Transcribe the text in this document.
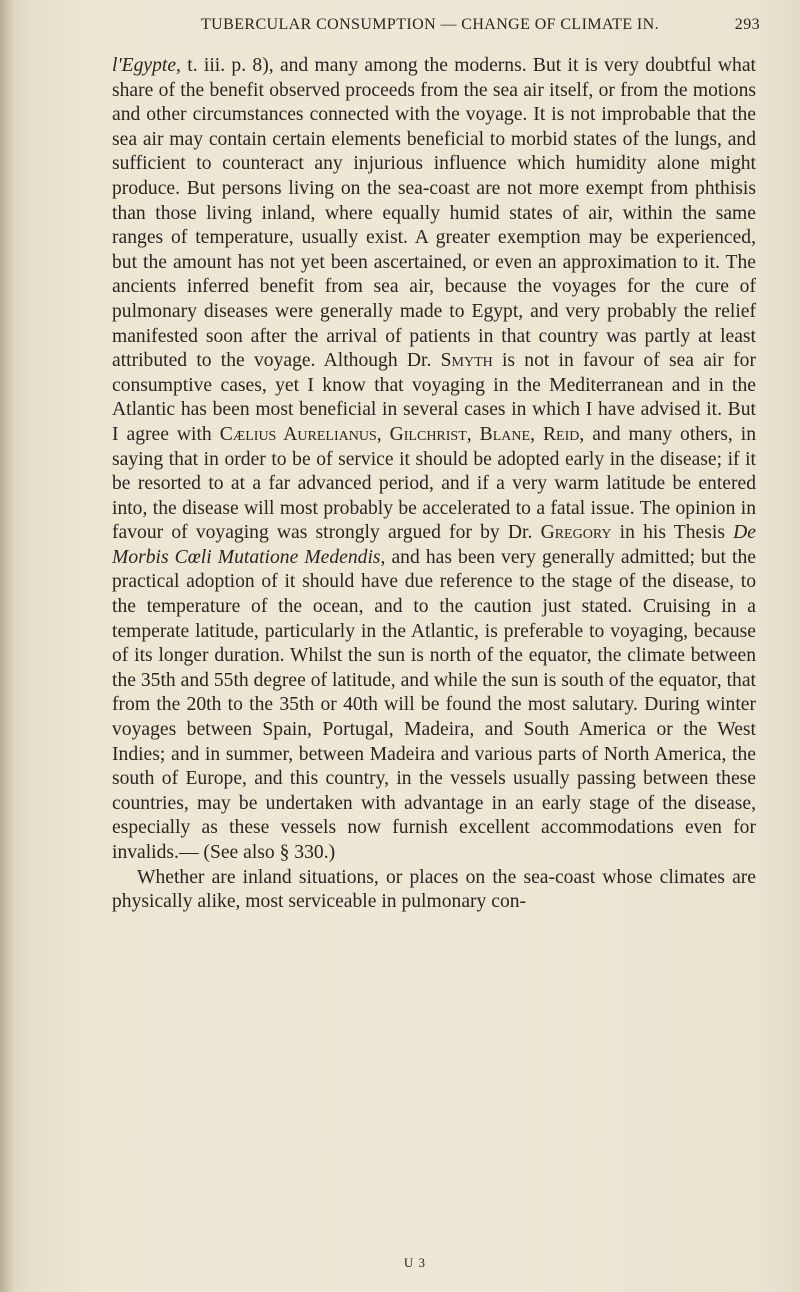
TUBERCULAR CONSUMPTION — CHANGE OF CLIMATE IN.	293

l'Egypte, t. iii. p. 8), and many among the moderns. But it is very doubtful what share of the benefit observed proceeds from the sea air itself, or from the motions and other circumstances connected with the voyage. It is not improbable that the sea air may contain certain elements beneficial to morbid states of the lungs, and sufficient to counteract any injurious influence which humidity alone might produce. But persons living on the sea-coast are not more exempt from phthisis than those living inland, where equally humid states of air, within the same ranges of temperature, usually exist. A greater exemption may be experienced, but the amount has not yet been ascertained, or even an approximation to it. The ancients inferred benefit from sea air, because the voyages for the cure of pulmonary diseases were generally made to Egypt, and very probably the relief manifested soon after the arrival of patients in that country was partly at least attributed to the voyage. Although Dr. Smyth is not in favour of sea air for consumptive cases, yet I know that voyaging in the Mediterranean and in the Atlantic has been most beneficial in several cases in which I have advised it. But I agree with Cælius Aurelianus, Gilchrist, Blane, Reid, and many others, in saying that in order to be of service it should be adopted early in the disease; if it be resorted to at a far advanced period, and if a very warm latitude be entered into, the disease will most probably be accelerated to a fatal issue. The opinion in favour of voyaging was strongly argued for by Dr. Gregory in his Thesis De Morbis Cœli Mutatione Medendis, and has been very generally admitted; but the practical adoption of it should have due reference to the stage of the disease, to the temperature of the ocean, and to the caution just stated. Cruising in a temperate latitude, particularly in the Atlantic, is preferable to voyaging, because of its longer duration. Whilst the sun is north of the equator, the climate between the 35th and 55th degree of latitude, and while the sun is south of the equator, that from the 20th to the 35th or 40th will be found the most salutary. During winter voyages between Spain, Portugal, Madeira, and South America or the West Indies; and in summer, between Madeira and various parts of North America, the south of Europe, and this country, in the vessels usually passing between these countries, may be undertaken with advantage in an early stage of the disease, especially as these vessels now furnish excellent accommodations even for invalids.— (See also § 330.)

Whether are inland situations, or places on the sea-coast whose climates are physically alike, most serviceable in pulmonary con-

U 3
